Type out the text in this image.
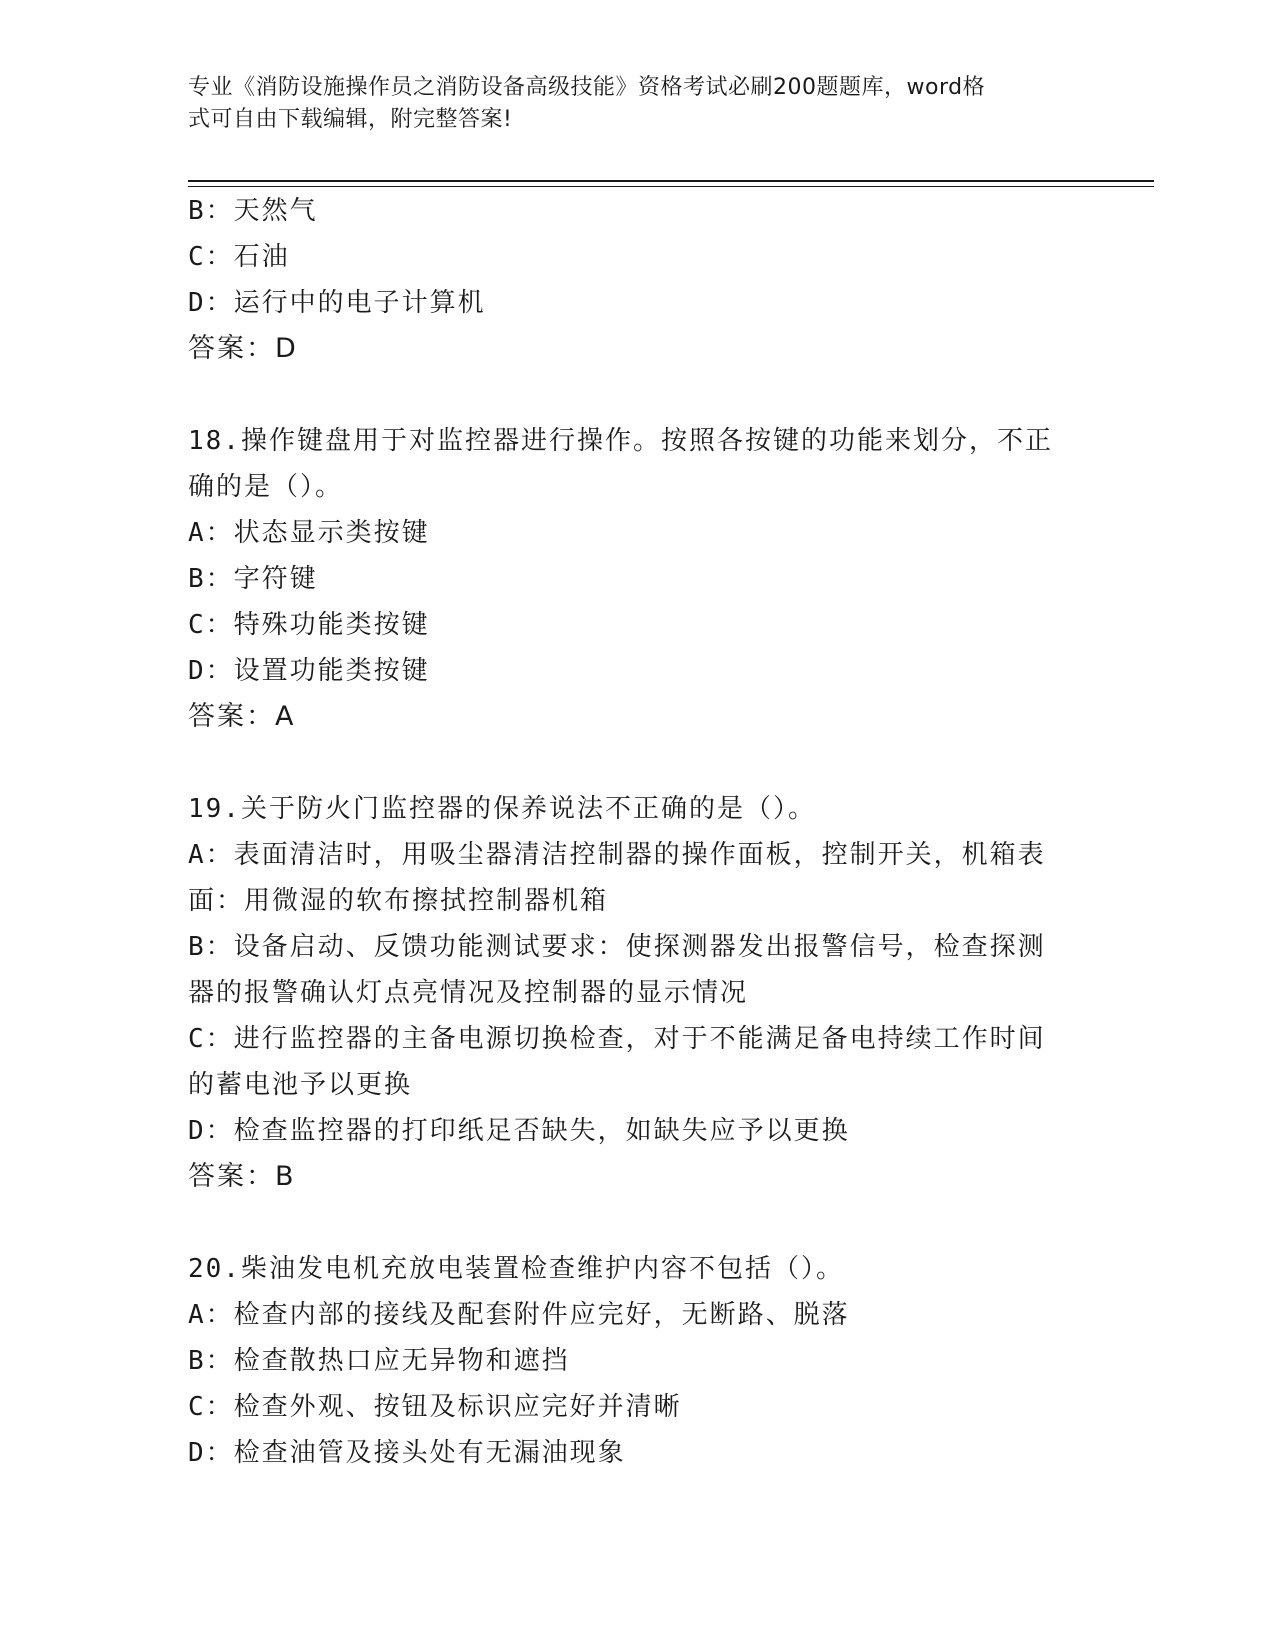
专业《消防设施操作员之消防设备高级技能》资格考试必刷200题题库，word格
式可自由下载编辑，附完整答案!
B：天然气
C：石油
D：运行中的电子计算机
答案：D
18.操作键盘用于对监控器进行操作。按照各按键的功能来划分，不正
确的是（）。
A：状态显示类按键
B：字符键
C：特殊功能类按键
D：设置功能类按键
答案：A
19.关于防火门监控器的保养说法不正确的是（）。
A：表面清洁时，用吸尘器清洁控制器的操作面板，控制开关，机箱表
面：用微湿的软布擦拭控制器机箱
B：设备启动、反馈功能测试要求：使探测器发出报警信号，检查探测
器的报警确认灯点亮情况及控制器的显示情况
C：进行监控器的主备电源切换检查，对于不能满足备电持续工作时间
的蓄电池予以更换
D：检查监控器的打印纸足否缺失，如缺失应予以更换
答案：B
20.柴油发电机充放电装置检查维护内容不包括（）。
A：检查内部的接线及配套附件应完好，无断路、脱落
B：检查散热口应无异物和遮挡
C：检查外观、按钮及标识应完好并清晰
D：检查油管及接头处有无漏油现象
